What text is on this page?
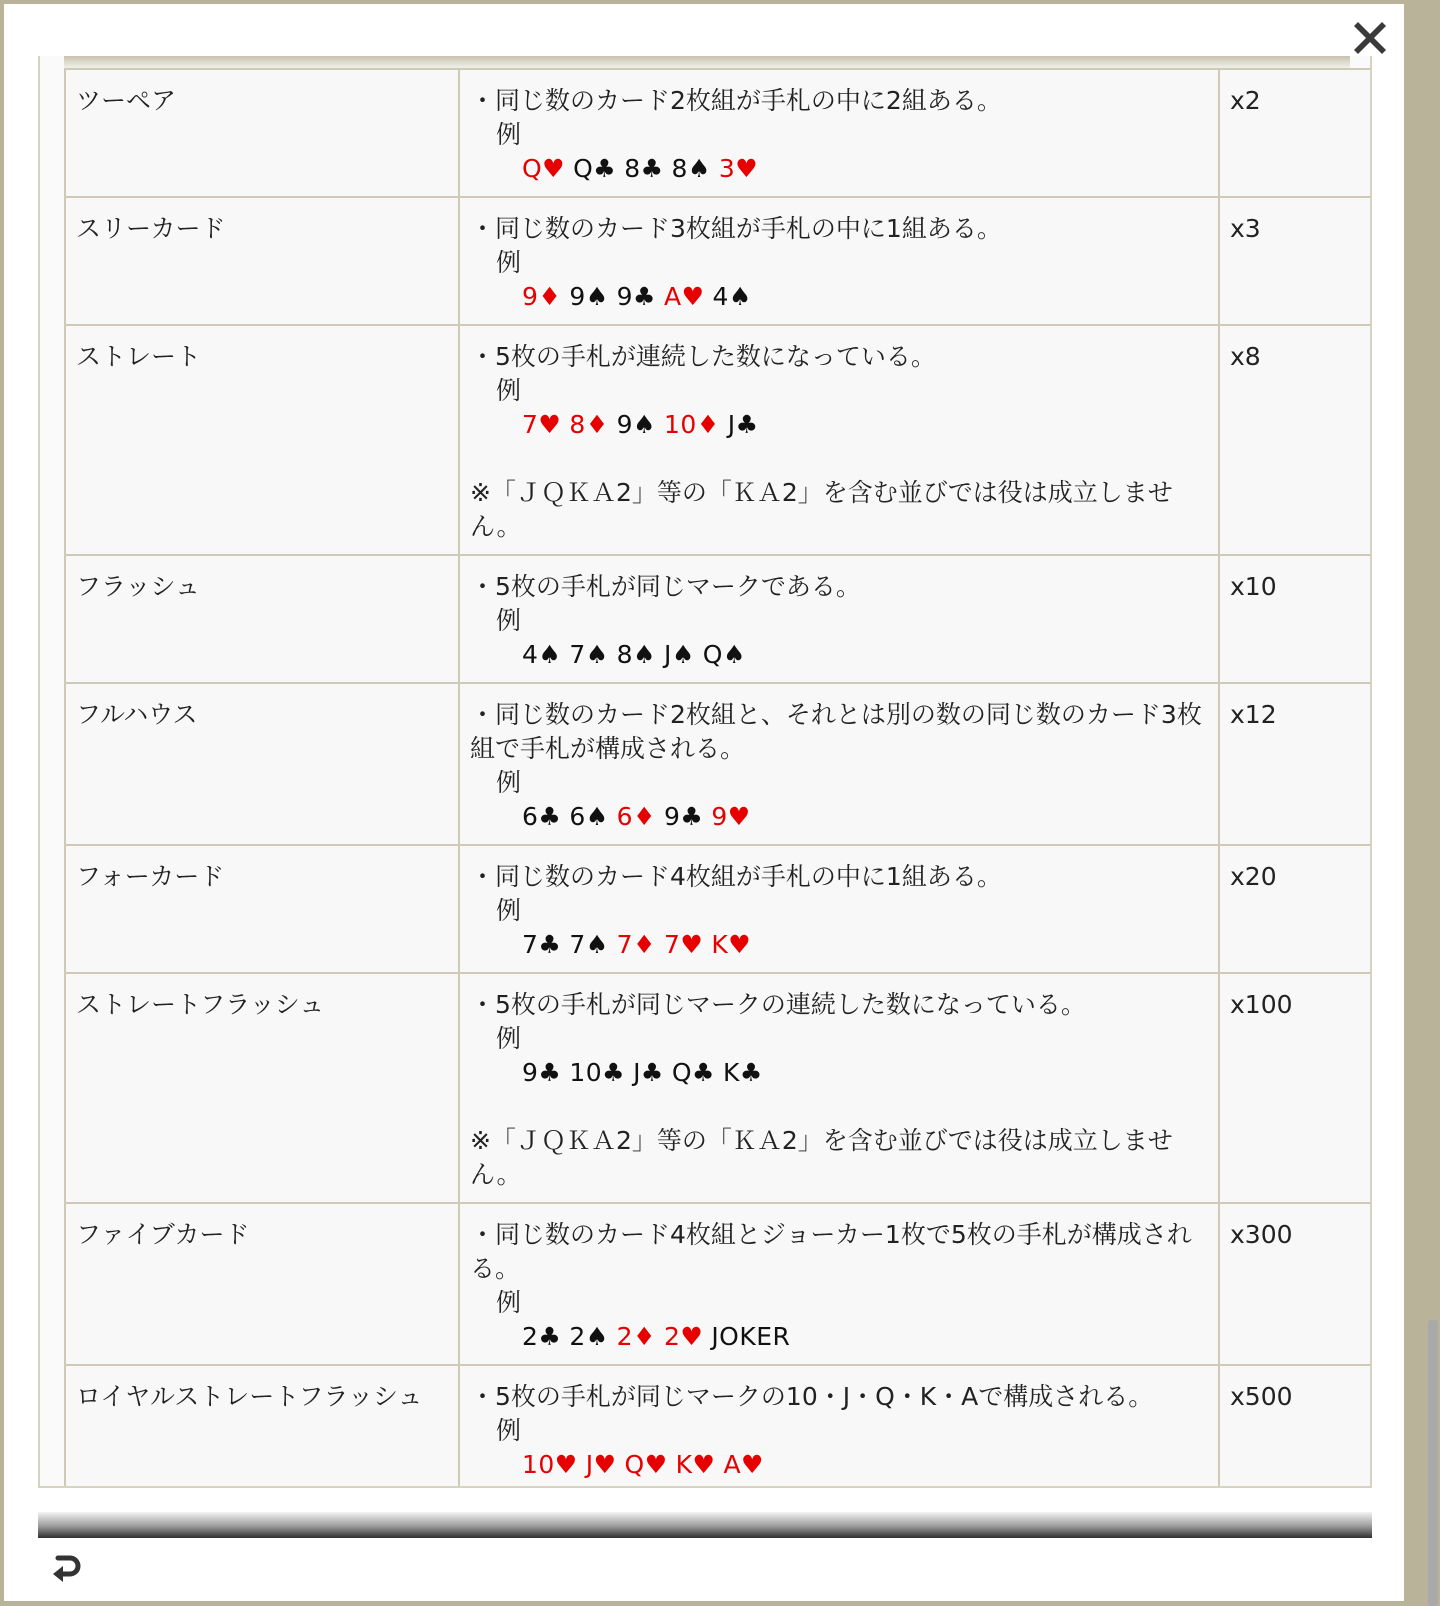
ツーペア	・同じ数のカード2枚組が手札の中に2組ある。
例
Q♥ Q♣ 8♣ 8♠ 3♥	x2
スリーカード	・同じ数のカード3枚組が手札の中に1組ある。
例
9♦ 9♠ 9♣ A♥ 4♠	x3
ストレート	・5枚の手札が連続した数になっている。
例
7♥ 8♦ 9♠ 10♦ J♣
※「ＪＱＫＡ2」等の「ＫＡ2」を含む並びでは役は成立しません。	x8
フラッシュ	・5枚の手札が同じマークである。
例
4♠ 7♠ 8♠ J♠ Q♠	x10
フルハウス	・同じ数のカード2枚組と、それとは別の数の同じ数のカード3枚組で手札が構成される。
例
6♣ 6♠ 6♦ 9♣ 9♥	x12
フォーカード	・同じ数のカード4枚組が手札の中に1組ある。
例
7♣ 7♠ 7♦ 7♥ K♥	x20
ストレートフラッシュ	・5枚の手札が同じマークの連続した数になっている。
例
9♣ 10♣ J♣ Q♣ K♣
※「ＪＱＫＡ2」等の「ＫＡ2」を含む並びでは役は成立しません。	x100
ファイブカード	・同じ数のカード4枚組とジョーカー1枚で5枚の手札が構成される。
例
2♣ 2♠ 2♦ 2♥ JOKER	x300
ロイヤルストレートフラッシュ	・5枚の手札が同じマークの10・J・Q・K・Aで構成される。
例
10♥ J♥ Q♥ K♥ A♥	x500
